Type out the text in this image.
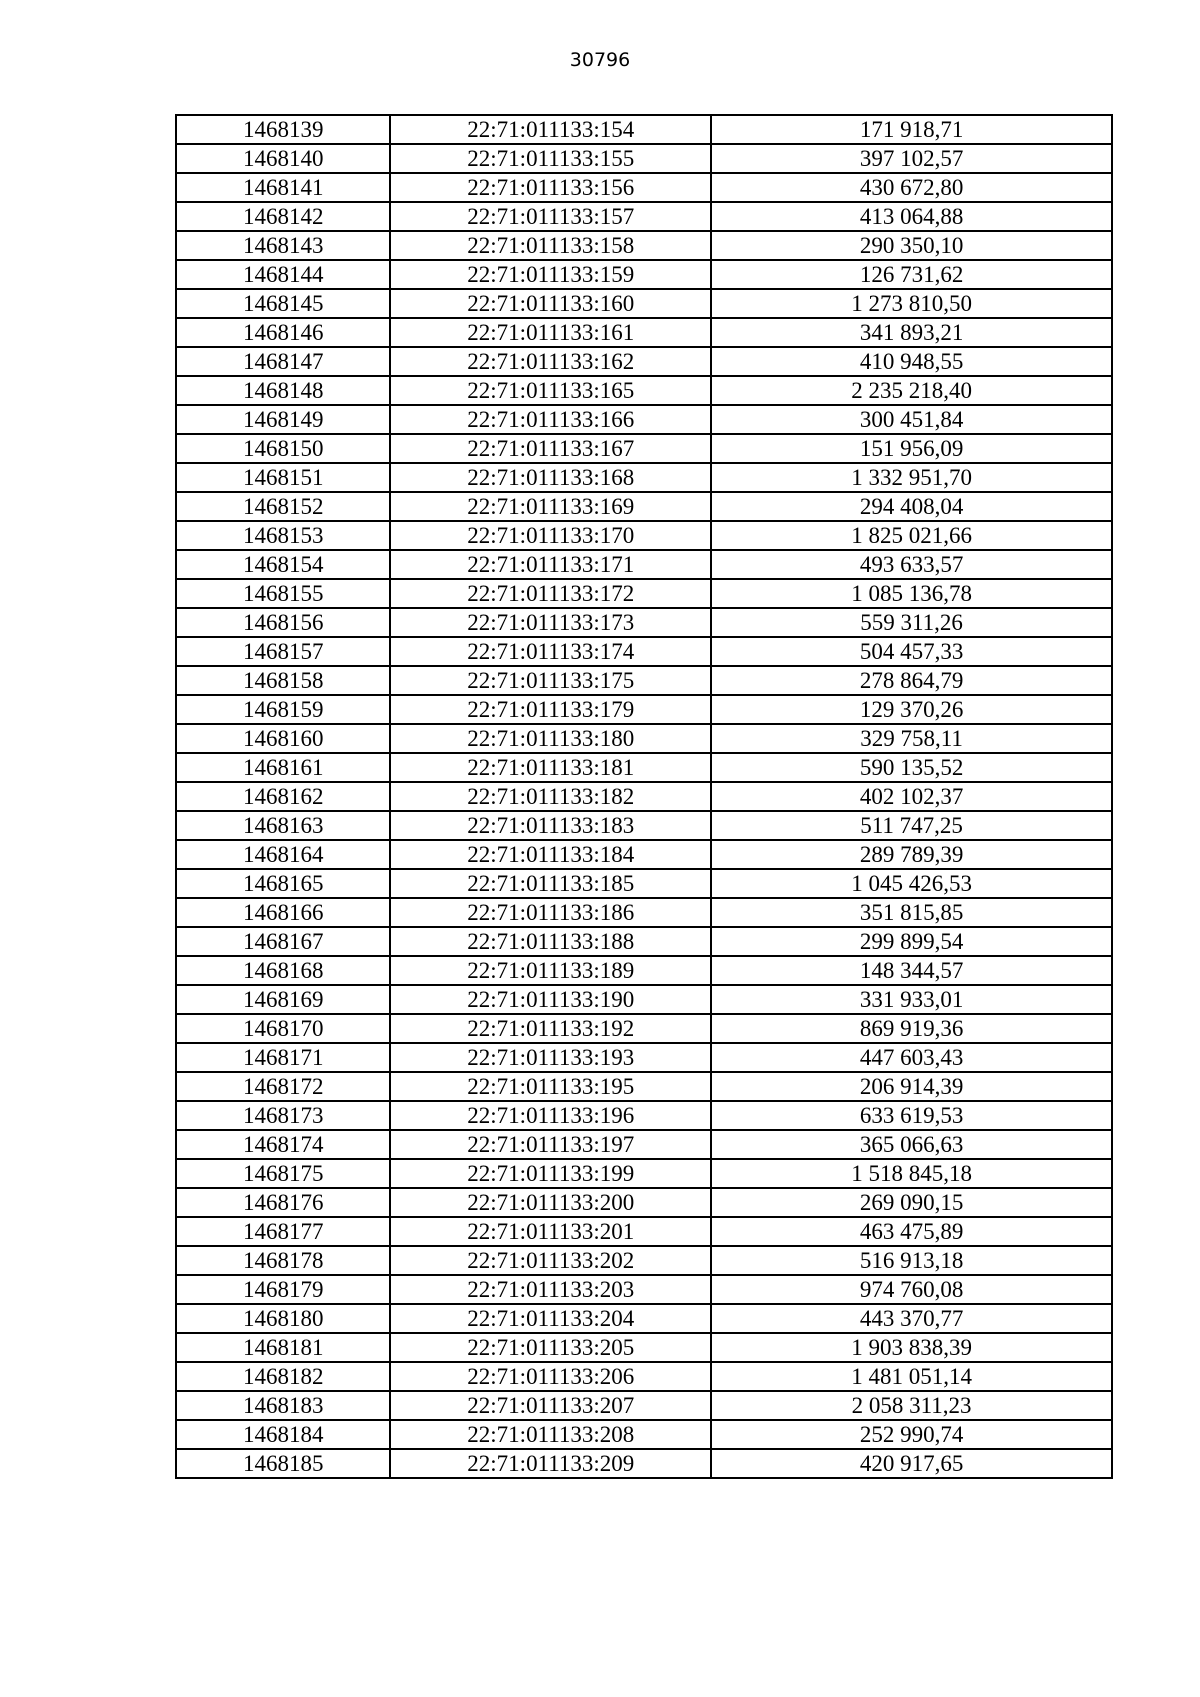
30796
1468139	22:71:011133:154	171 918,71
1468140	22:71:011133:155	397 102,57
1468141	22:71:011133:156	430 672,80
1468142	22:71:011133:157	413 064,88
1468143	22:71:011133:158	290 350,10
1468144	22:71:011133:159	126 731,62
1468145	22:71:011133:160	1 273 810,50
1468146	22:71:011133:161	341 893,21
1468147	22:71:011133:162	410 948,55
1468148	22:71:011133:165	2 235 218,40
1468149	22:71:011133:166	300 451,84
1468150	22:71:011133:167	151 956,09
1468151	22:71:011133:168	1 332 951,70
1468152	22:71:011133:169	294 408,04
1468153	22:71:011133:170	1 825 021,66
1468154	22:71:011133:171	493 633,57
1468155	22:71:011133:172	1 085 136,78
1468156	22:71:011133:173	559 311,26
1468157	22:71:011133:174	504 457,33
1468158	22:71:011133:175	278 864,79
1468159	22:71:011133:179	129 370,26
1468160	22:71:011133:180	329 758,11
1468161	22:71:011133:181	590 135,52
1468162	22:71:011133:182	402 102,37
1468163	22:71:011133:183	511 747,25
1468164	22:71:011133:184	289 789,39
1468165	22:71:011133:185	1 045 426,53
1468166	22:71:011133:186	351 815,85
1468167	22:71:011133:188	299 899,54
1468168	22:71:011133:189	148 344,57
1468169	22:71:011133:190	331 933,01
1468170	22:71:011133:192	869 919,36
1468171	22:71:011133:193	447 603,43
1468172	22:71:011133:195	206 914,39
1468173	22:71:011133:196	633 619,53
1468174	22:71:011133:197	365 066,63
1468175	22:71:011133:199	1 518 845,18
1468176	22:71:011133:200	269 090,15
1468177	22:71:011133:201	463 475,89
1468178	22:71:011133:202	516 913,18
1468179	22:71:011133:203	974 760,08
1468180	22:71:011133:204	443 370,77
1468181	22:71:011133:205	1 903 838,39
1468182	22:71:011133:206	1 481 051,14
1468183	22:71:011133:207	2 058 311,23
1468184	22:71:011133:208	252 990,74
1468185	22:71:011133:209	420 917,65
